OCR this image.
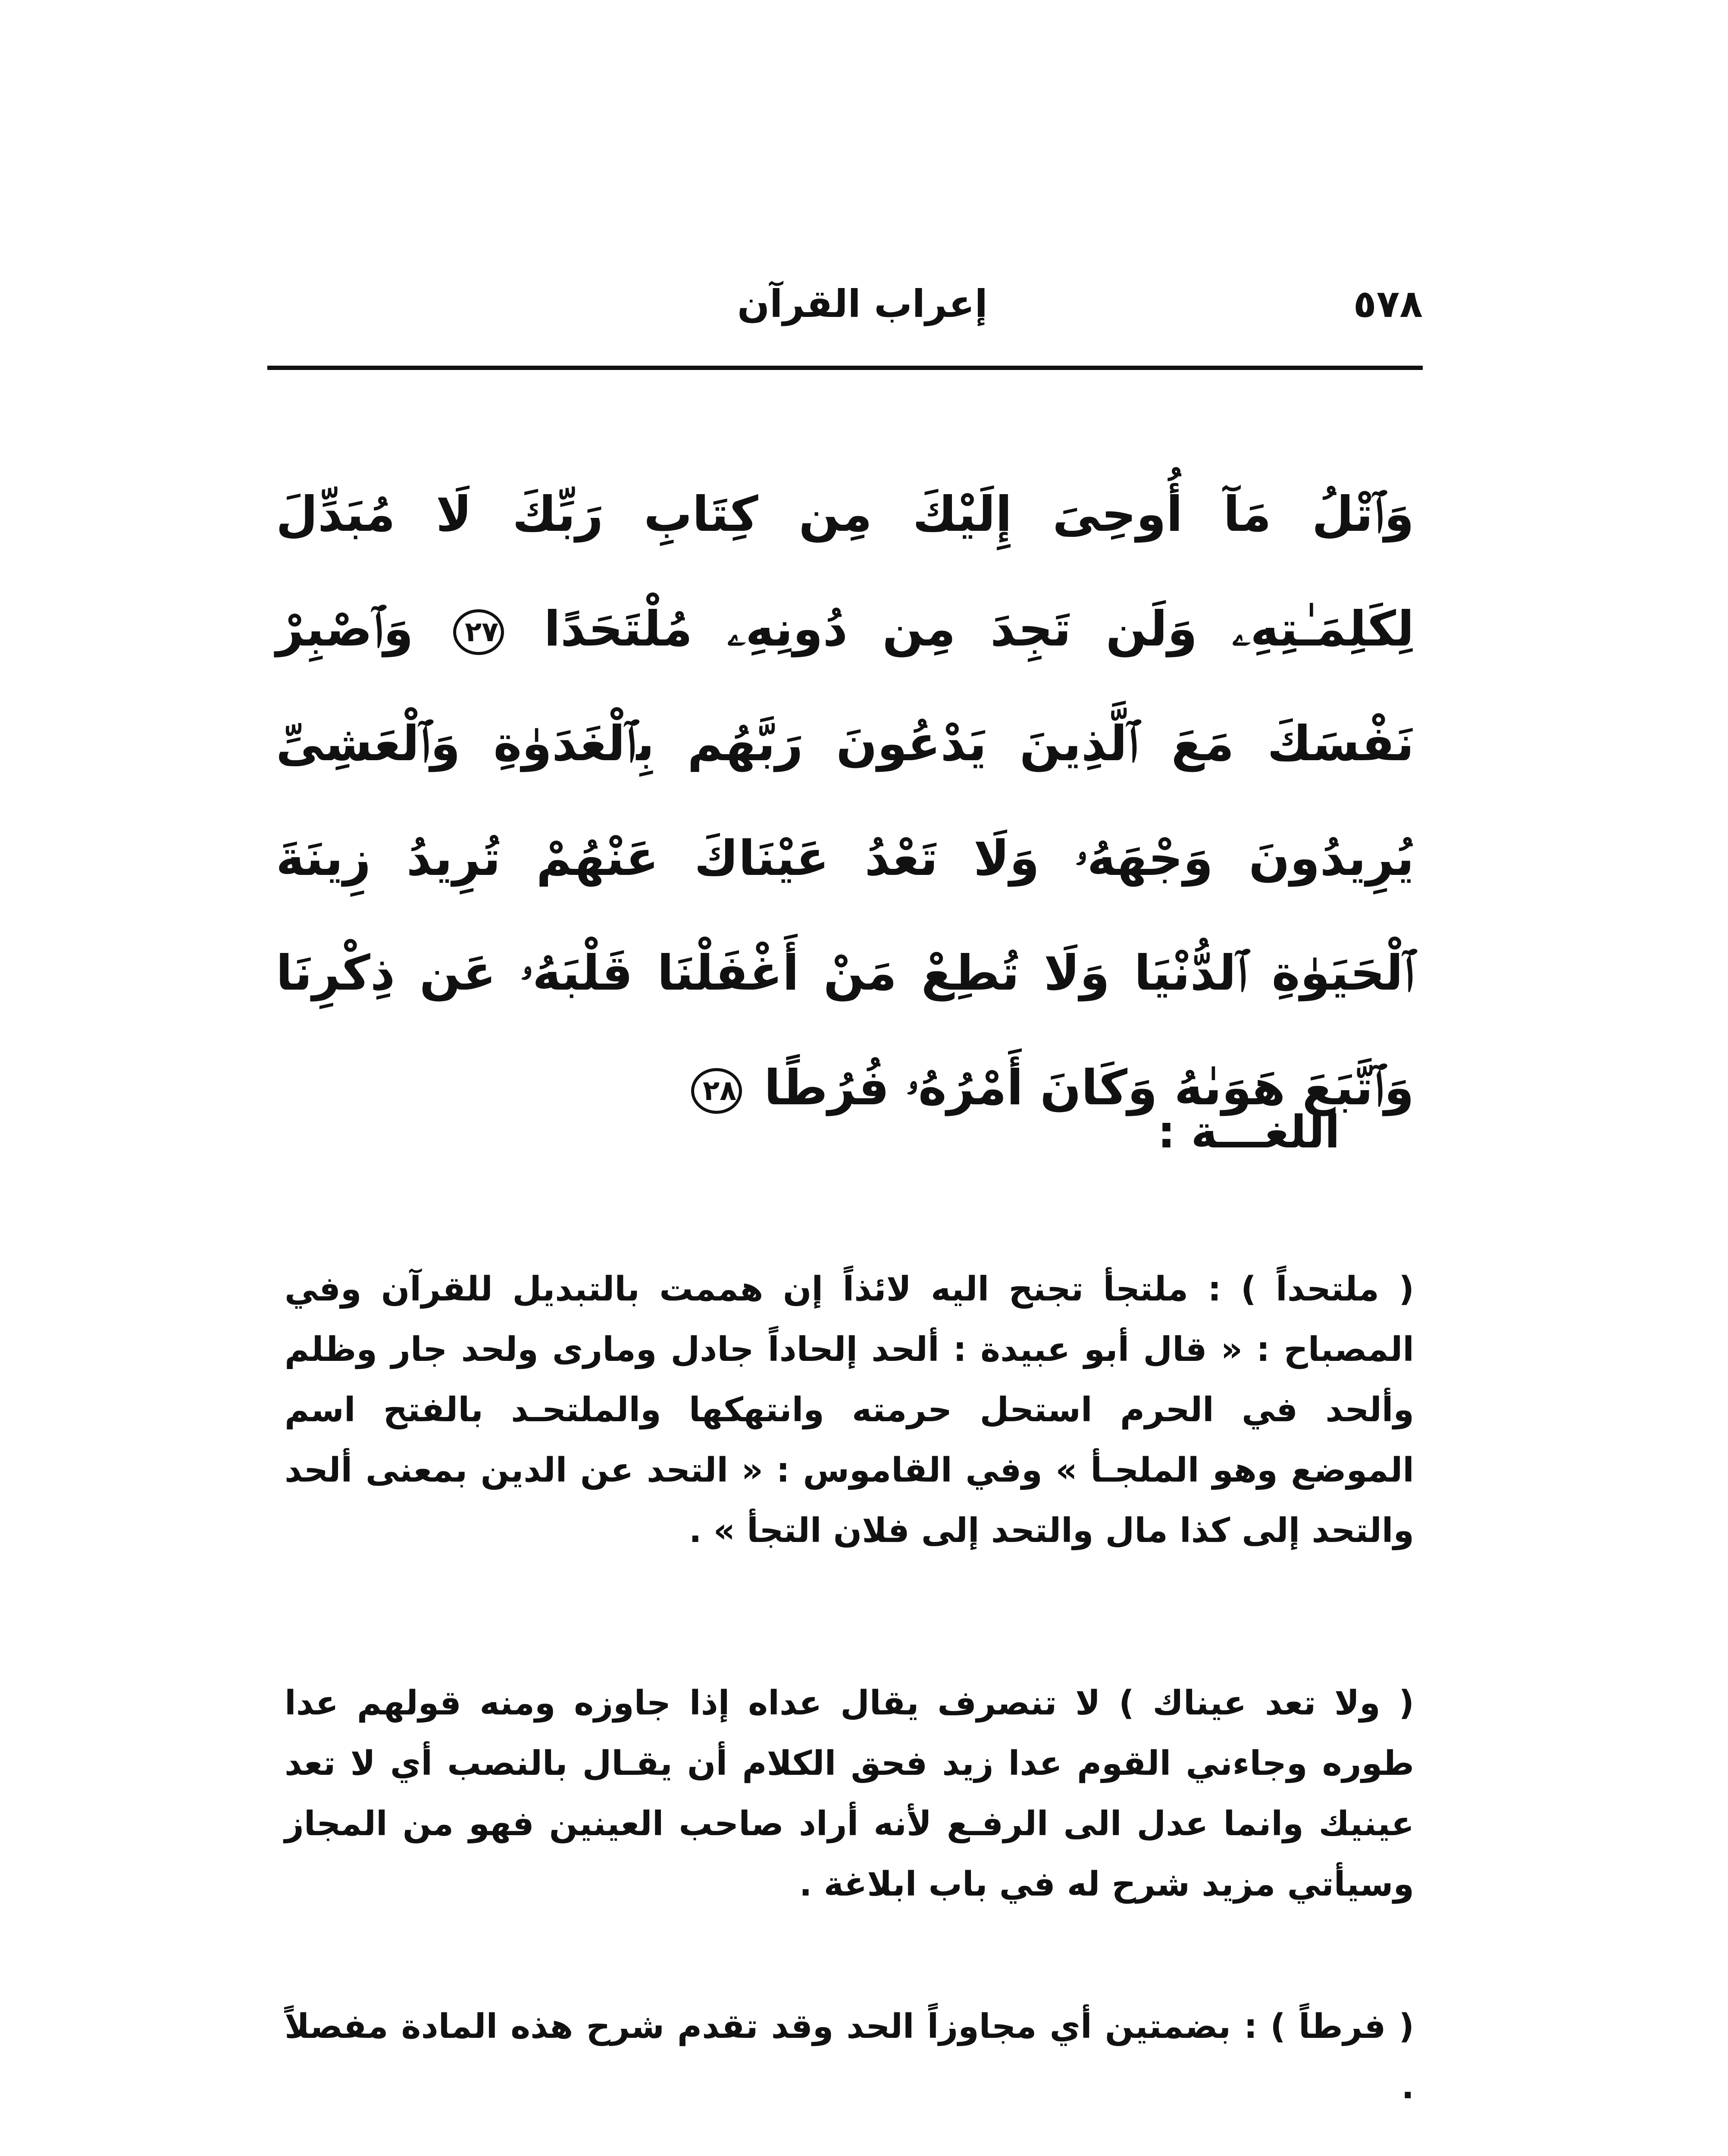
٥٧٨
إعراب القرآن
وَٱتْلُ مَآ أُوحِىَ إِلَيْكَ مِن كِتَابِ رَبِّكَ لَا مُبَدِّلَ لِكَلِمَـٰتِهِۦ وَلَن تَجِدَ مِن دُونِهِۦ مُلْتَحَدًا ٢٧ وَٱصْبِرْ نَفْسَكَ مَعَ ٱلَّذِينَ يَدْعُونَ رَبَّهُم بِٱلْغَدَوٰةِ وَٱلْعَشِىِّ يُرِيدُونَ وَجْهَهُۥ وَلَا تَعْدُ عَيْنَاكَ عَنْهُمْ تُرِيدُ زِينَةَ ٱلْحَيَوٰةِ ٱلدُّنْيَا وَلَا تُطِعْ مَنْ أَغْفَلْنَا قَلْبَهُۥ عَن ذِكْرِنَا وَٱتَّبَعَ هَوَىٰهُ وَكَانَ أَمْرُهُۥ فُرُطًا ٢٨
اللغـــة :

( ملتحداً ) : ملتجأ تجنح اليه لائذاً إن هممت بالتبديل للقرآن وفي المصباح : « قال أبو عبيدة : ألحد إلحاداً جادل وماری ولحد جار وظلم وألحد في الحرم استحل حرمته وانتهكها والملتحـد بالفتح اسم الموضع وهو الملجـأ » وفي القاموس : « التحد عن الدين بمعنى ألحد والتحد إلى كذا مال والتحد إلى فلان التجأ » .

( ولا تعد عيناك ) لا تنصرف يقال عداه إذا جاوزه ومنه قولهم عدا طوره وجاءني القوم عدا زيد فحق الكلام أن يقـال بالنصب أي لا تعد عينيك وانما عدل الى الرفـع لأنه أراد صاحب العينين فهو من المجاز وسيأتي مزيد شرح له في باب ابلاغة .

( فرطاً ) : بضمتين أي مجاوزاً الحد وقد تقدم شرح هذه المادة مفصلاً .
